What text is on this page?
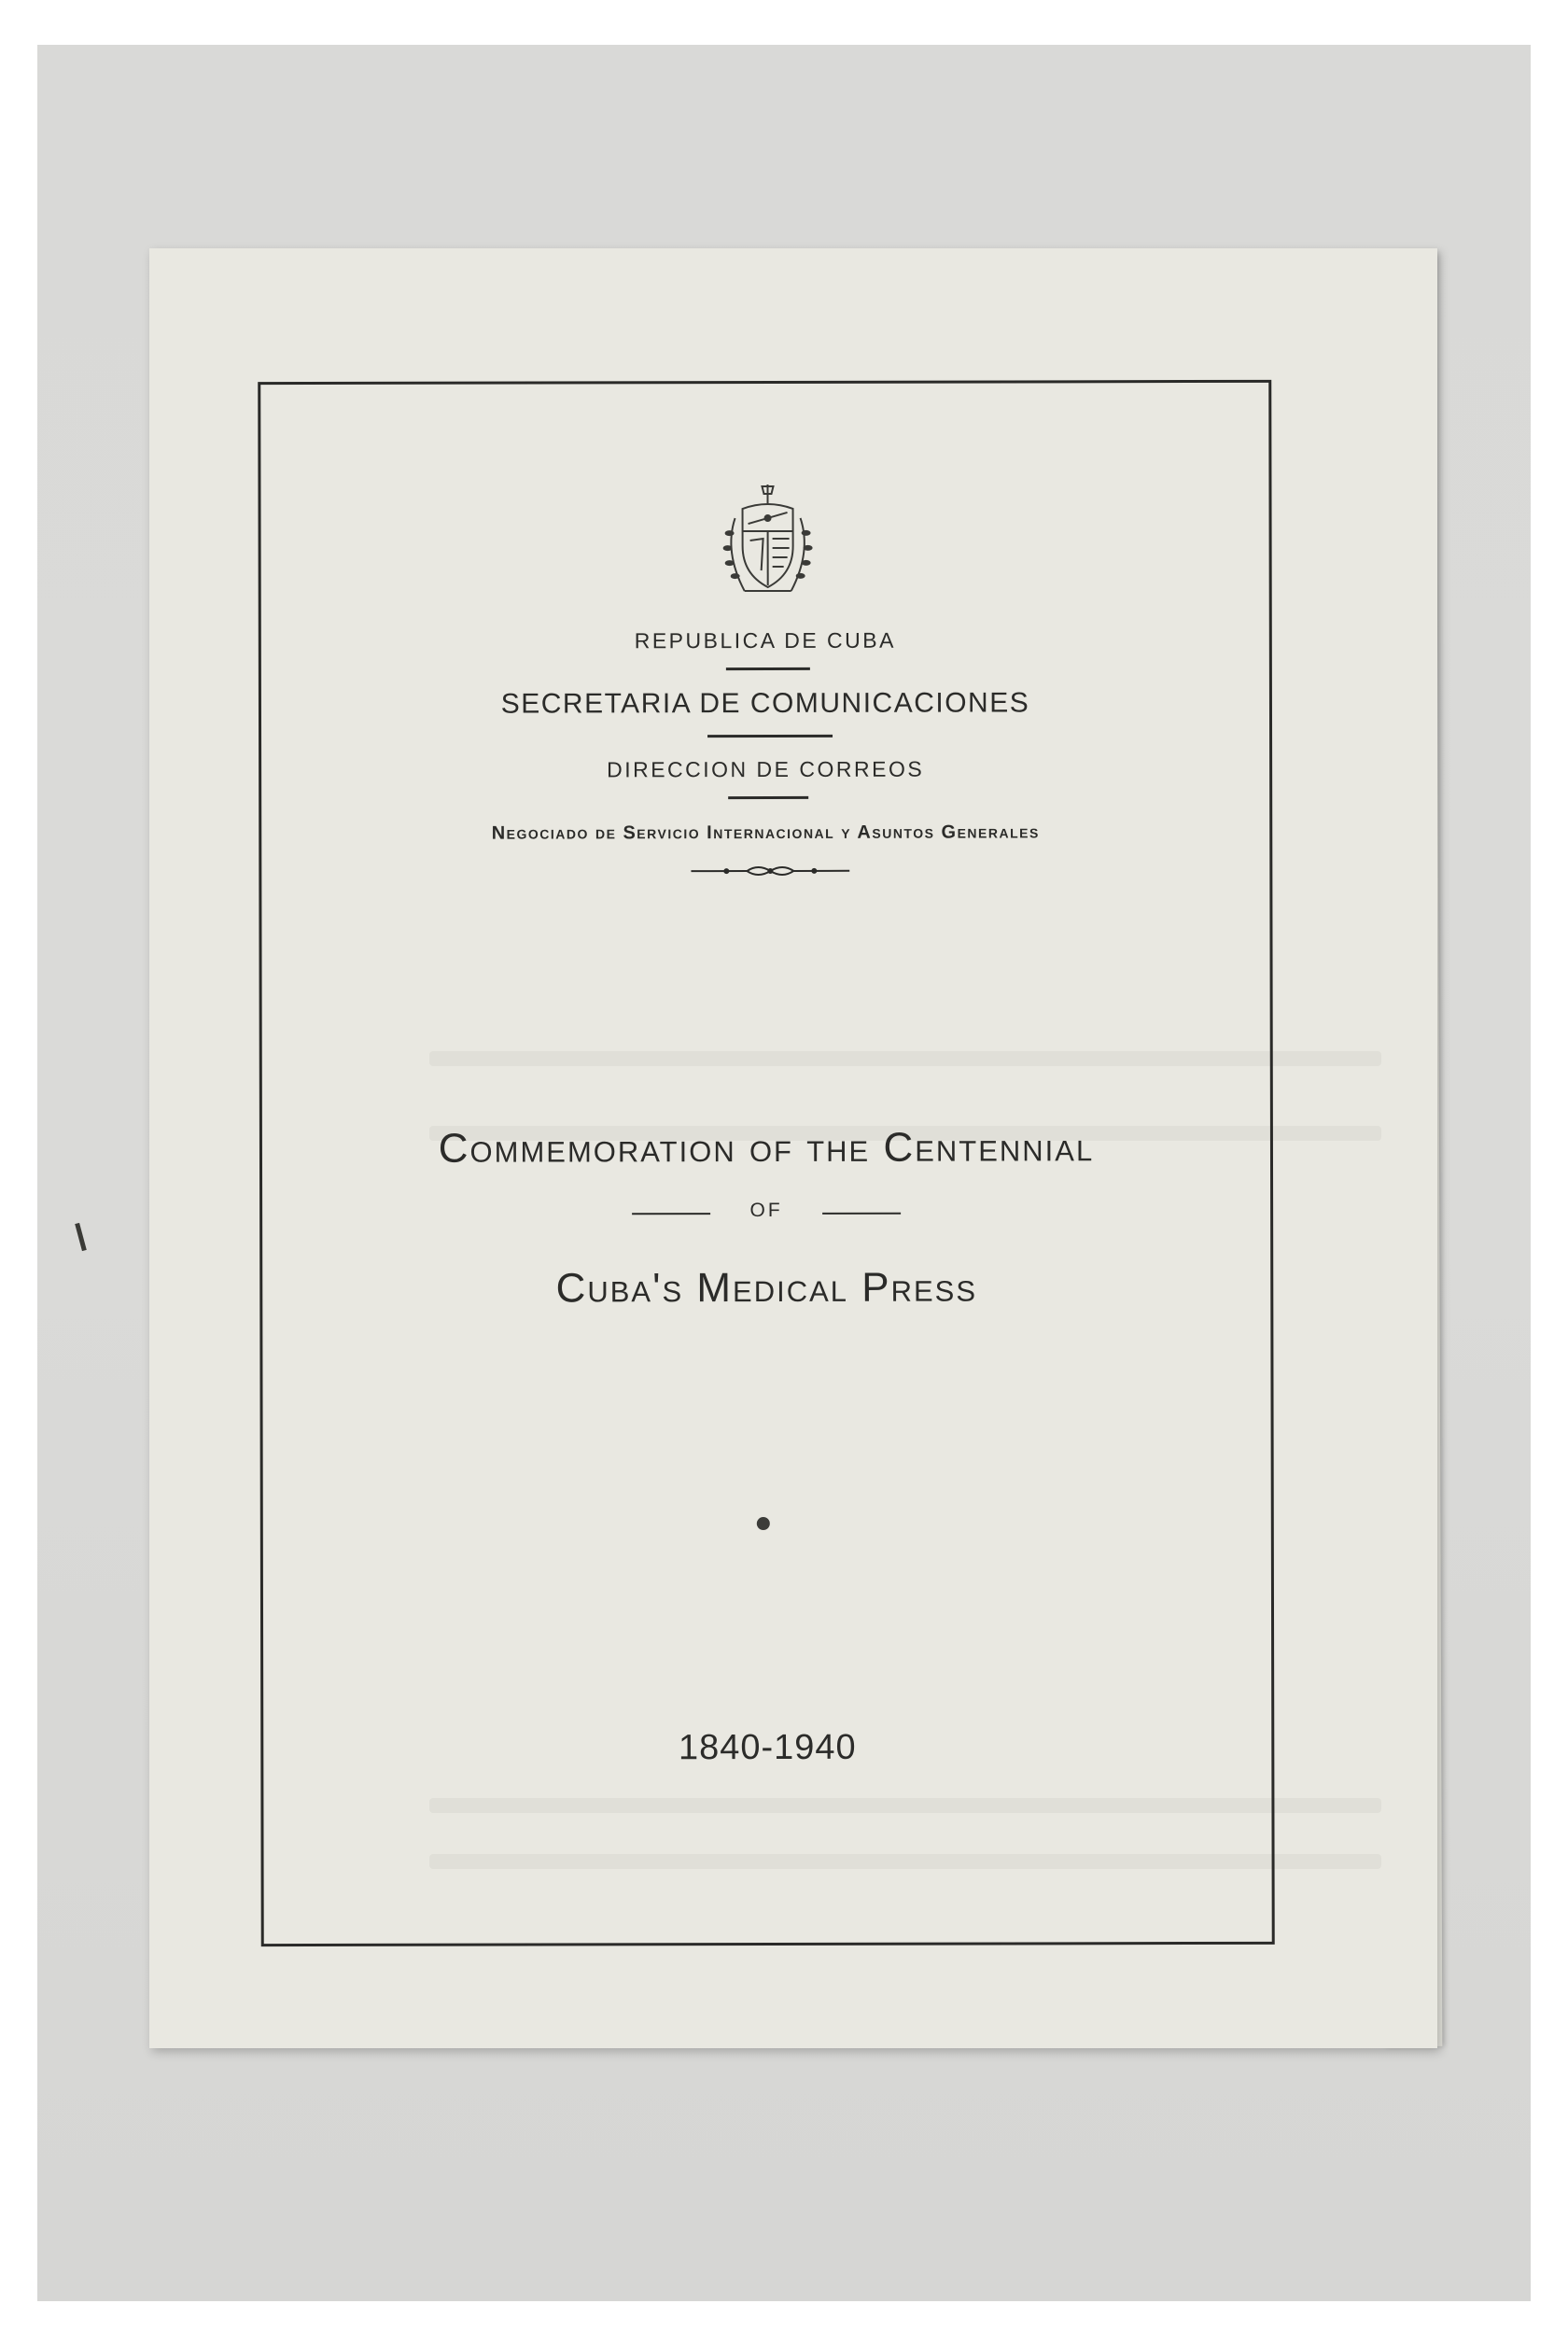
REPUBLICA DE CUBA
SECRETARIA DE COMUNICACIONES
DIRECCION DE CORREOS
Negociado de Servicio Internacional y Asuntos Generales
Commemoration of the Centennial
of
Cuba's Medical Press
1840-1940
